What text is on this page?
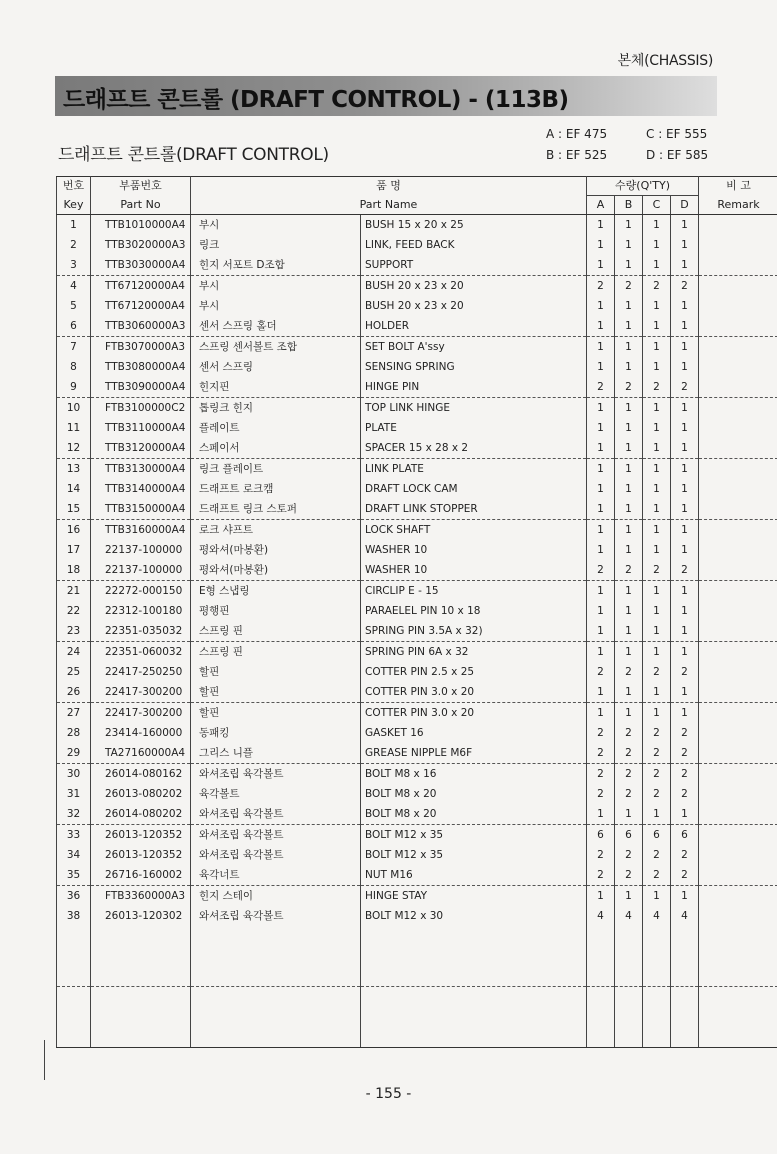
본체(CHASSIS)
드래프트 콘트롤 (DRAFT CONTROL) - (113B)
드래프트 콘트롤(DRAFT CONTROL)
A : EF 475
B : EF 525
C : EF 555
D : EF 585
번호	부품번호	품 명		수량(Q'TY)				비 고
Key	Part No	Part Name		A	B	C	D	Remark
1	TTB1010000A4	부시	BUSH 15 x 20 x 25	1	1	1	1	
2	TTB3020000A3	링크	LINK, FEED BACK	1	1	1	1	
3	TTB3030000A4	힌지 서포트 D조합	SUPPORT	1	1	1	1	
4	TT67120000A4	부시	BUSH 20 x 23 x 20	2	2	2	2	
5	TT67120000A4	부시	BUSH 20 x 23 x 20	1	1	1	1	
6	TTB3060000A3	센서 스프링 홀더	HOLDER	1	1	1	1	
7	FTB3070000A3	스프링 센서볼트 조합	SET BOLT A'ssy	1	1	1	1	
8	TTB3080000A4	센서 스프링	SENSING SPRING	1	1	1	1	
9	TTB3090000A4	힌지핀	HINGE PIN	2	2	2	2	
10	FTB3100000C2	톱링크 힌지	TOP LINK HINGE	1	1	1	1	
11	TTB3110000A4	플레이트	PLATE	1	1	1	1	
12	TTB3120000A4	스페이서	SPACER 15 x 28 x 2	1	1	1	1	
13	TTB3130000A4	링크 플레이트	LINK PLATE	1	1	1	1	
14	TTB3140000A4	드래프트 로크캠	DRAFT LOCK CAM	1	1	1	1	
15	TTB3150000A4	드래프트 링크 스토퍼	DRAFT LINK STOPPER	1	1	1	1	
16	TTB3160000A4	로크 샤프트	LOCK SHAFT	1	1	1	1	
17	22137-100000	평와셔(마봉환)	WASHER 10	1	1	1	1	
18	22137-100000	평와셔(마봉환)	WASHER 10	2	2	2	2	
21	22272-000150	E형 스냅링	CIRCLIP E - 15	1	1	1	1	
22	22312-100180	평행핀	PARAELEL PIN 10 x 18	1	1	1	1	
23	22351-035032	스프링 핀	SPRING PIN 3.5A x 32)	1	1	1	1	
24	22351-060032	스프링 핀	SPRING PIN 6A x 32	1	1	1	1	
25	22417-250250	할핀	COTTER PIN 2.5 x 25	2	2	2	2	
26	22417-300200	할핀	COTTER PIN 3.0 x 20	1	1	1	1	
27	22417-300200	할핀	COTTER PIN 3.0 x 20	1	1	1	1	
28	23414-160000	동패킹	GASKET 16	2	2	2	2	
29	TA27160000A4	그리스 니플	GREASE NIPPLE M6F	2	2	2	2	
30	26014-080162	와셔조립 육각볼트	BOLT M8 x 16	2	2	2	2	
31	26013-080202	육각볼트	BOLT M8 x 20	2	2	2	2	
32	26014-080202	와셔조립 육각볼트	BOLT M8 x 20	1	1	1	1	
33	26013-120352	와셔조립 육각볼트	BOLT M12 x 35	6	6	6	6	
34	26013-120352	와셔조립 육각볼트	BOLT M12 x 35	2	2	2	2	
35	26716-160002	육각너트	NUT M16	2	2	2	2	
36	FTB3360000A3	힌지 스테이	HINGE STAY	1	1	1	1	
38	26013-120302	와셔조립 육각볼트	BOLT M12 x 30	4	4	4	4	

- 155 -
